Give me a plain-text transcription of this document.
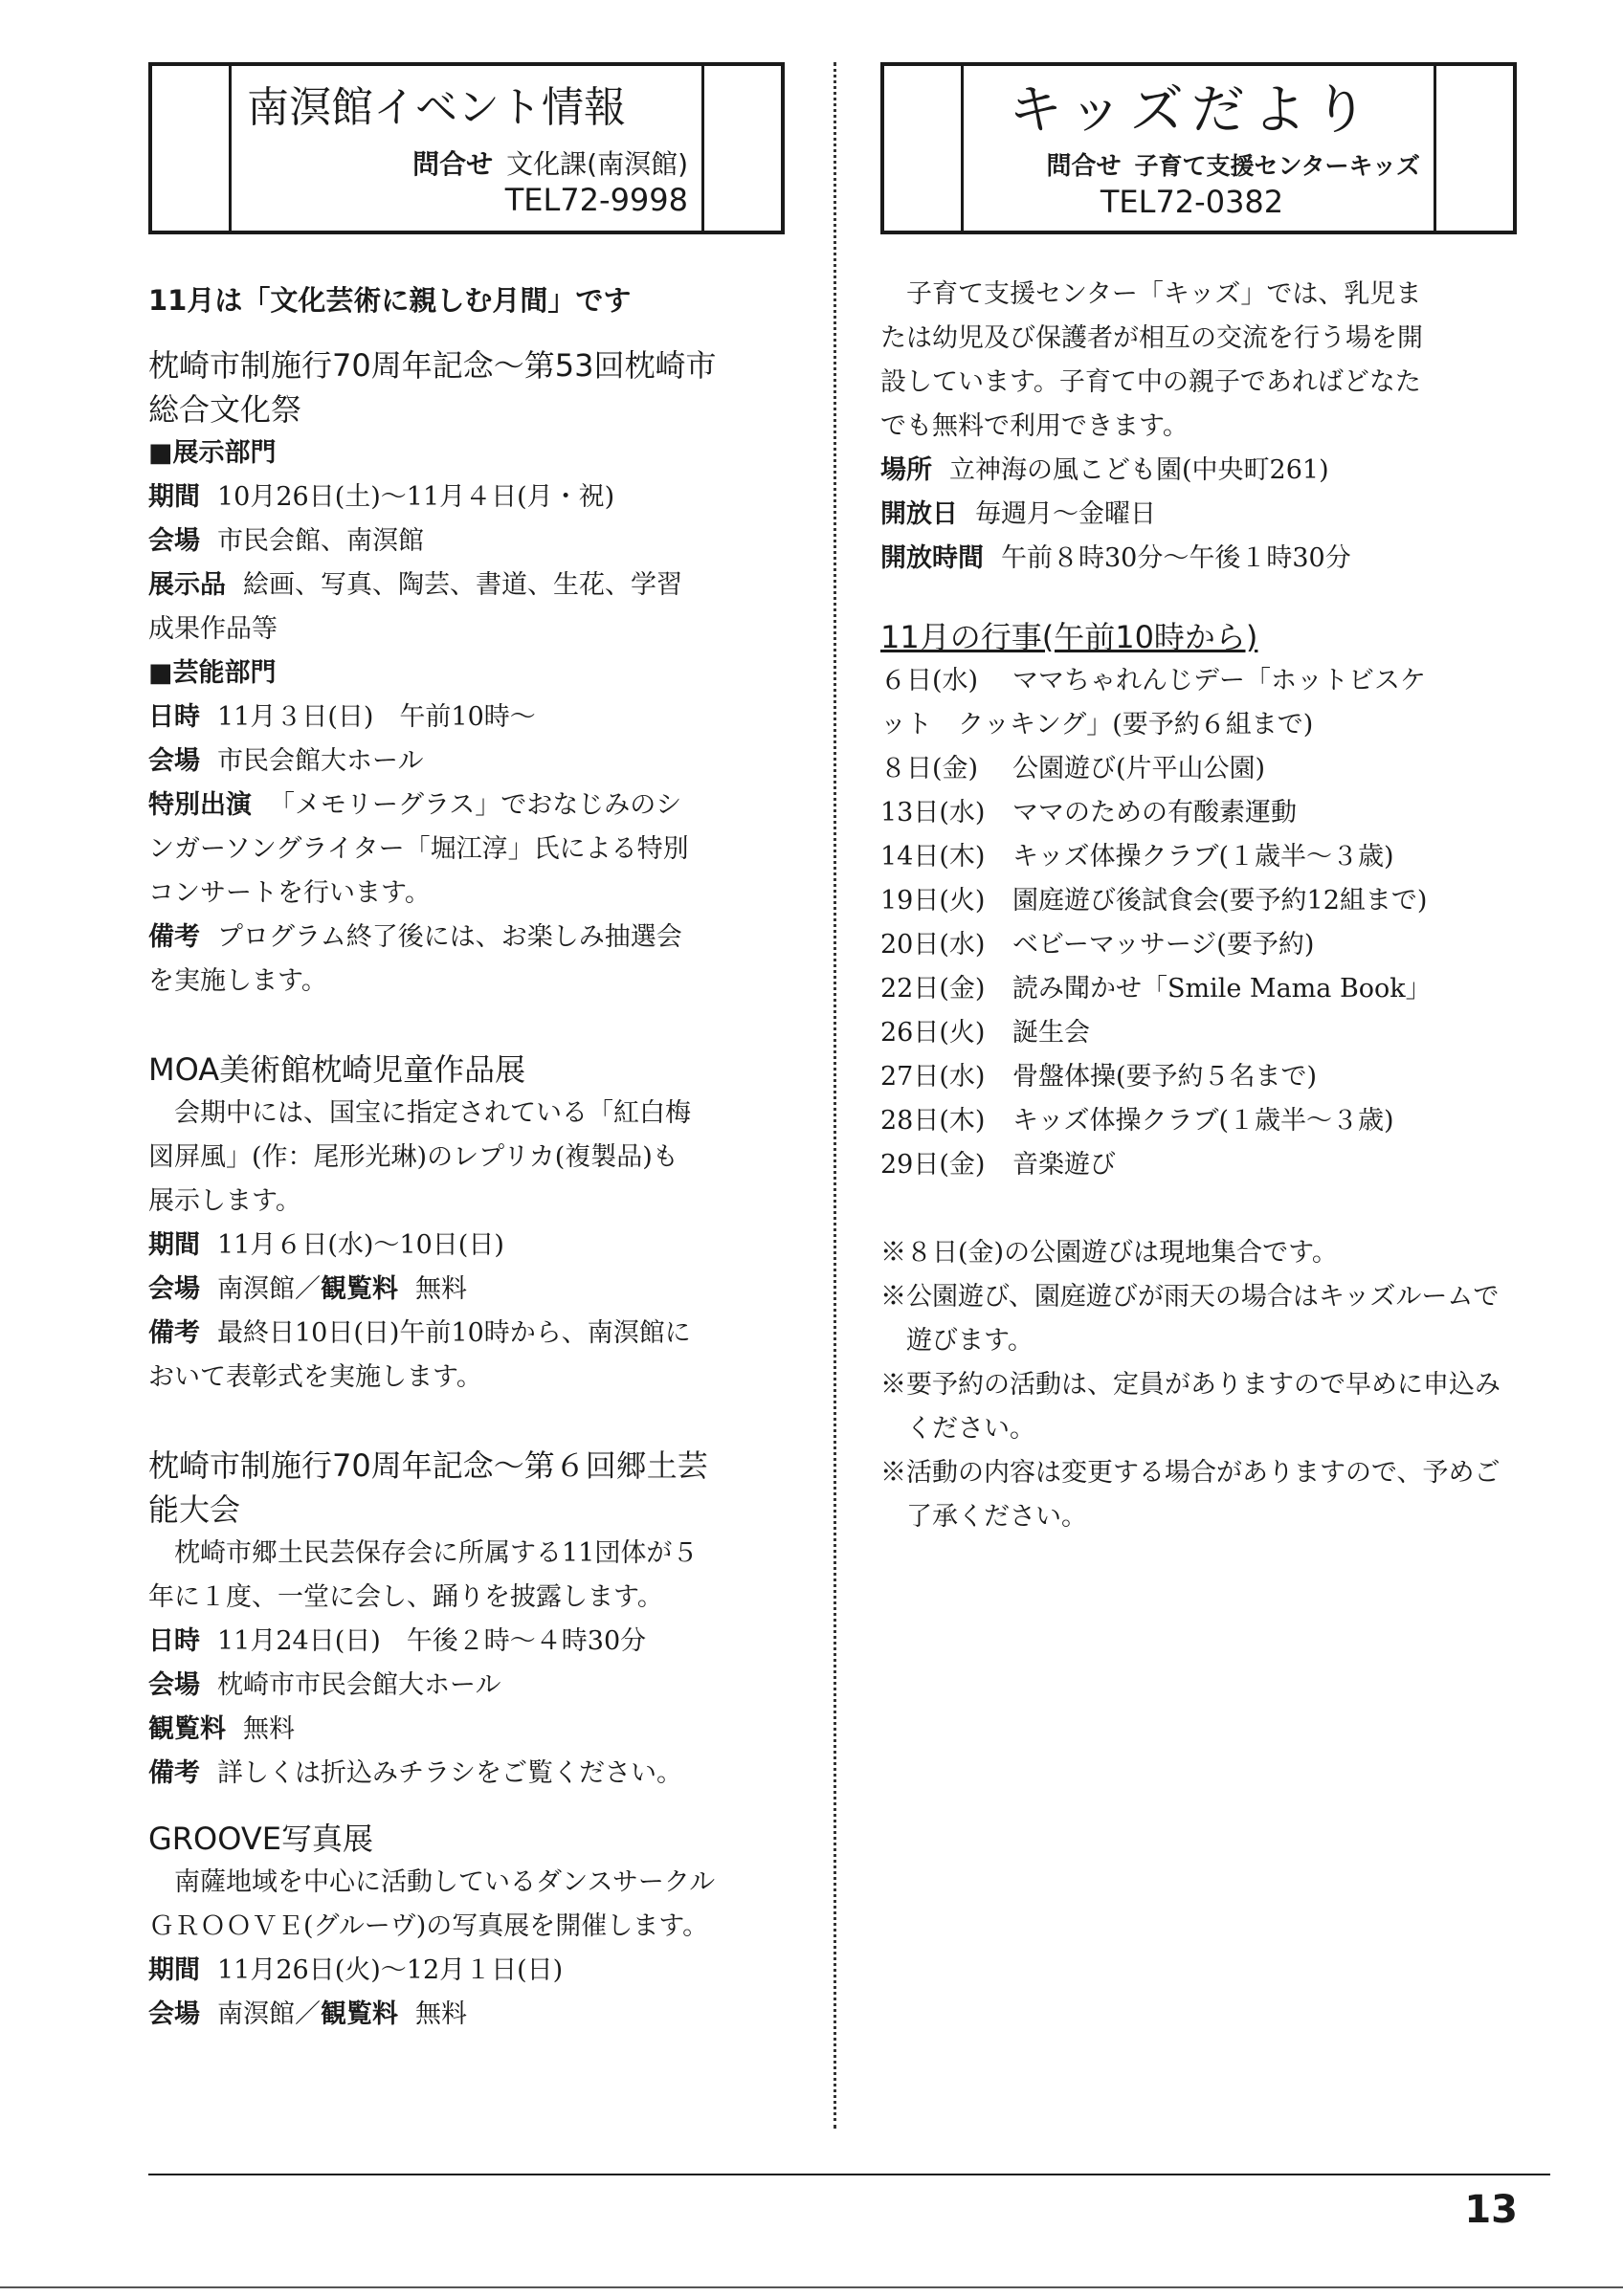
南溟館イベント情報
問合せ 文化課(南溟館)
TEL72-9998
11月は「文化芸術に親しむ月間」です
枕崎市制施行70周年記念～第53回枕崎市
総合文化祭
■展示部門
期間 10月26日(土)～11月４日(月・祝)
会場 市民会館、南溟館
展示品 絵画、写真、陶芸、書道、生花、学習
成果作品等
■芸能部門
日時 11月３日(日)　午前10時～
会場 市民会館大ホール
特別出演 「メモリーグラス」でおなじみのシ
ンガーソングライター「堀江淳」氏による特別
コンサートを行います。
備考 プログラム終了後には、お楽しみ抽選会
を実施します。
MOA美術館枕崎児童作品展
会期中には、国宝に指定されている「紅白梅
図屏風」(作：尾形光琳)のレプリカ(複製品)も
展示します。
期間 11月６日(水)～10日(日)
会場 南溟館／観覧料 無料
備考 最終日10日(日)午前10時から、南溟館に
おいて表彰式を実施します。
枕崎市制施行70周年記念～第６回郷土芸
能大会
枕崎市郷土民芸保存会に所属する11団体が５
年に１度、一堂に会し、踊りを披露します。
日時 11月24日(日)　午後２時～４時30分
会場 枕崎市市民会館大ホール
観覧料 無料
備考 詳しくは折込みチラシをご覧ください。
GROOVE写真展
南薩地域を中心に活動しているダンスサークル
ＧＲＯＯＶＥ(グルーヴ)の写真展を開催します。
期間 11月26日(火)～12月１日(日)
会場 南溟館／観覧料 無料
キッズだより
問合せ 子育て支援センターキッズ
TEL72-0382
子育て支援センター「キッズ」では、乳児ま
たは幼児及び保護者が相互の交流を行う場を開
設しています。子育て中の親子であればどなた
でも無料で利用できます。
場所 立神海の風こども園(中央町261)
開放日 毎週月～金曜日
開放時間 午前８時30分～午後１時30分
11月の行事(午前10時から)
６日(水)	ママちゃれんじデー「ホットビスケ
ット　クッキング」(要予約６組まで)
８日(金)	公園遊び(片平山公園)
13日(水)	ママのための有酸素運動
14日(木)	キッズ体操クラブ(１歳半～３歳)
19日(火)	園庭遊び後試食会(要予約12組まで)
20日(水)	ベビーマッサージ(要予約)
22日(金)	読み聞かせ「Smile Mama Book」
26日(火)	誕生会
27日(水)	骨盤体操(要予約５名まで)
28日(木)	キッズ体操クラブ(１歳半～３歳)
29日(金)	音楽遊び
※８日(金)の公園遊びは現地集合です。
※公園遊び、園庭遊びが雨天の場合はキッズルームで遊びます。
※要予約の活動は、定員がありますので早めに申込みください。
※活動の内容は変更する場合がありますので、予めご了承ください。
13
